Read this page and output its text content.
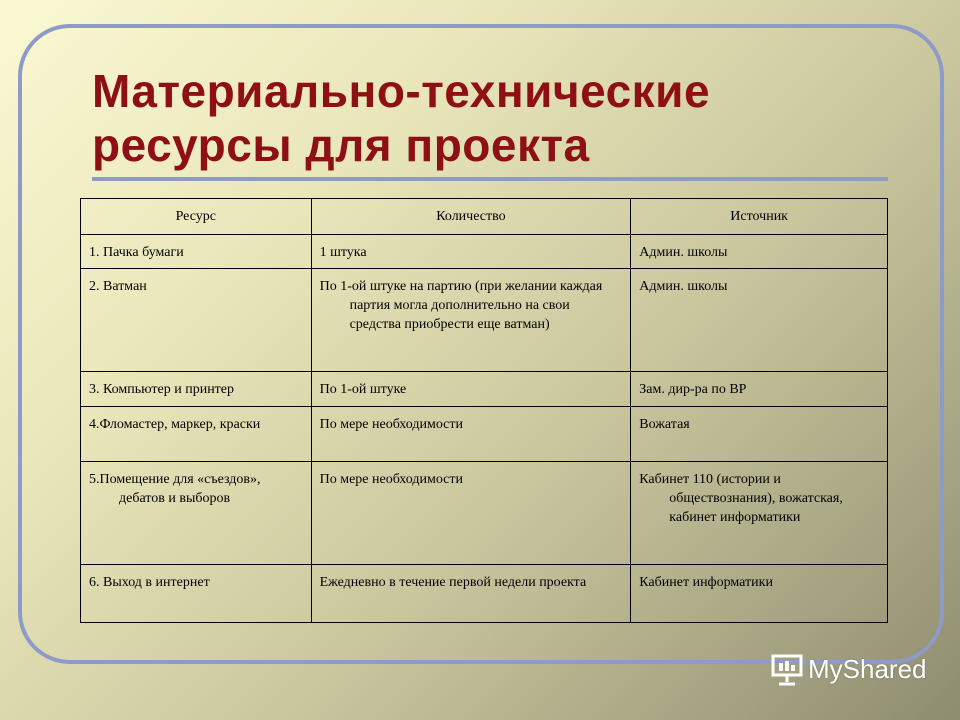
Материально-технические
ресурсы для проекта
Ресурс	Количество	Источник
1. Пачка бумаги	1 штука	Админ. школы
2. Ватман	По 1-ой штуке на партию (при желании каждая партия могла дополнительно на свои средства приобрести еще ватман)	Админ. школы
3. Компьютер и принтер	По 1-ой штуке	Зам. дир-ра по ВР
4.Фломастер, маркер, краски	По мере необходимости	Вожатая
5.Помещение для «съездов», дебатов и выборов	По мере необходимости	Кабинет 110 (истории и обществознания), вожатская, кабинет информатики
6. Выход в интернет	Ежедневно в течение первой недели проекта	Кабинет информатики
MyShared
